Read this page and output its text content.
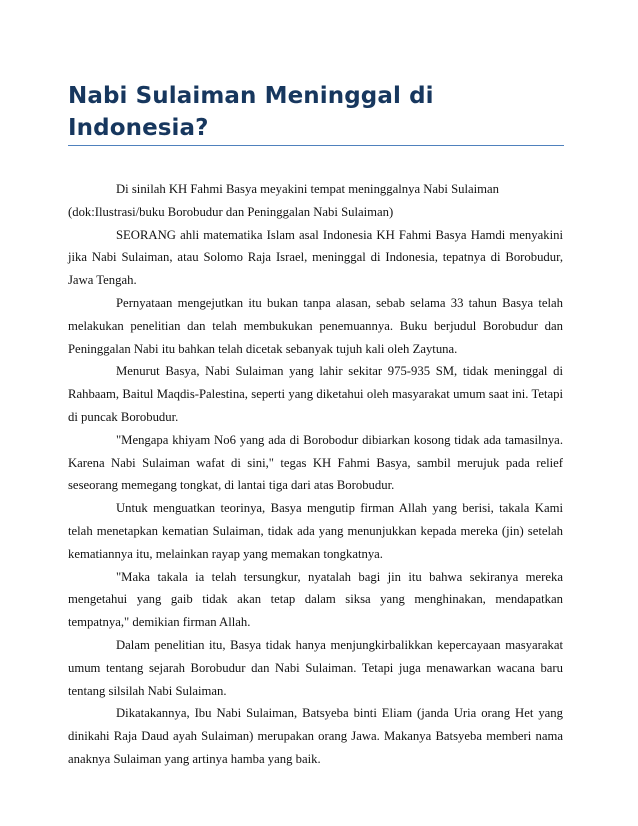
Nabi Sulaiman Meninggal di Indonesia?

Di sinilah KH Fahmi Basya meyakini tempat meninggalnya Nabi Sulaiman

(dok:Ilustrasi/buku Borobudur dan Peninggalan Nabi Sulaiman)

SEORANG ahli matematika Islam asal Indonesia KH Fahmi Basya Hamdi menyakini jika Nabi Sulaiman, atau Solomo Raja Israel, meninggal di Indonesia, tepatnya di Borobudur, Jawa Tengah.

Pernyataan mengejutkan itu bukan tanpa alasan, sebab selama 33 tahun Basya telah melakukan penelitian dan telah membukukan penemuannya. Buku berjudul Borobudur dan Peninggalan Nabi itu bahkan telah dicetak sebanyak tujuh kali oleh Zaytuna.

Menurut Basya, Nabi Sulaiman yang lahir sekitar 975-935 SM, tidak meninggal di Rahbaam, Baitul Maqdis-Palestina, seperti yang diketahui oleh masyarakat umum saat ini. Tetapi di puncak Borobudur.

"Mengapa khiyam No6 yang ada di Borobodur dibiarkan kosong tidak ada tamasilnya. Karena Nabi Sulaiman wafat di sini," tegas KH Fahmi Basya, sambil merujuk pada relief seseorang memegang tongkat, di lantai tiga dari atas Borobudur.

Untuk menguatkan teorinya, Basya mengutip firman Allah yang berisi, takala Kami telah menetapkan kematian Sulaiman, tidak ada yang menunjukkan kepada mereka (jin) setelah kematiannya itu, melainkan rayap yang memakan tongkatnya.

"Maka takala ia telah tersungkur, nyatalah bagi jin itu bahwa sekiranya mereka mengetahui yang gaib tidak akan tetap dalam siksa yang menghinakan, mendapatkan tempatnya," demikian firman Allah.

Dalam penelitian itu, Basya tidak hanya menjungkirbalikkan kepercayaan masyarakat umum tentang sejarah Borobudur dan Nabi Sulaiman. Tetapi juga menawarkan wacana baru tentang silsilah Nabi Sulaiman.

Dikatakannya, Ibu Nabi Sulaiman, Batsyeba binti Eliam (janda Uria orang Het yang dinikahi Raja Daud ayah Sulaiman) merupakan orang Jawa. Makanya Batsyeba memberi nama anaknya Sulaiman yang artinya hamba yang baik.
